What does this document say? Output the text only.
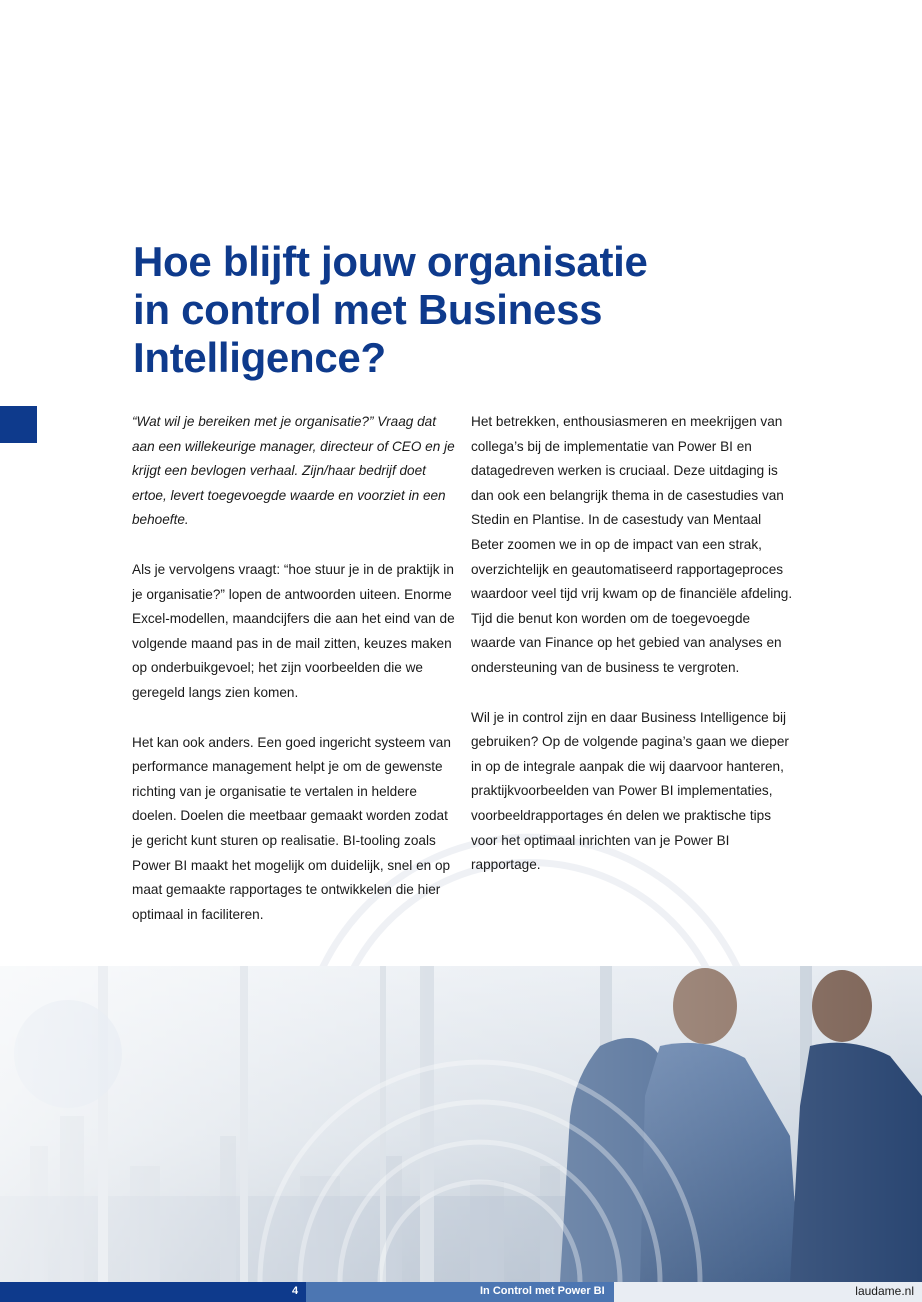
Hoe blijft jouw organisatie
in control met Business
Intelligence?

“Wat wil je bereiken met je organisatie?” Vraag dat aan een willekeurige manager, directeur of CEO en je krijgt een bevlogen verhaal. Zijn/haar bedrijf doet ertoe, levert toegevoegde waarde en voorziet in een behoefte.

Als je vervolgens vraagt: “hoe stuur je in de praktijk in je organisatie?” lopen de antwoorden uiteen. Enorme Excel-modellen, maandcijfers die aan het eind van de volgende maand pas in de mail zitten, keuzes maken op onderbuikgevoel; het zijn voorbeelden die we geregeld langs zien komen.

Het kan ook anders. Een goed ingericht systeem van performance management helpt je om de gewenste richting van je organisatie te vertalen in heldere doelen. Doelen die meetbaar gemaakt worden zodat je gericht kunt sturen op realisatie. BI-tooling zoals Power BI maakt het mogelijk om duidelijk, snel en op maat gemaakte rapportages te ontwikkelen die hier optimaal in faciliteren.

Het betrekken, enthousiasmeren en meekrijgen van collega’s bij de implementatie van Power BI en datagedreven werken is cruciaal. Deze uitdaging is dan ook een belangrijk thema in de casestudies van Stedin en Plantise. In de casestudy van Mentaal Beter zoomen we in op de impact van een strak, overzichtelijk en geautomatiseerd rapportageproces waardoor veel tijd vrij kwam op de financiële afdeling. Tijd die benut kon worden om de toegevoegde waarde van Finance op het gebied van analyses en ondersteuning van de business te vergroten.

Wil je in control zijn en daar Business Intelligence bij gebruiken? Op de volgende pagina’s gaan we dieper in op de integrale aanpak die wij daarvoor hanteren, praktijkvoorbeelden van Power BI implementaties, voorbeeldrapportages én delen we praktische tips voor het optimaal inrichten van je Power BI rapportage.

4	In Control met Power BI	laudame.nl
